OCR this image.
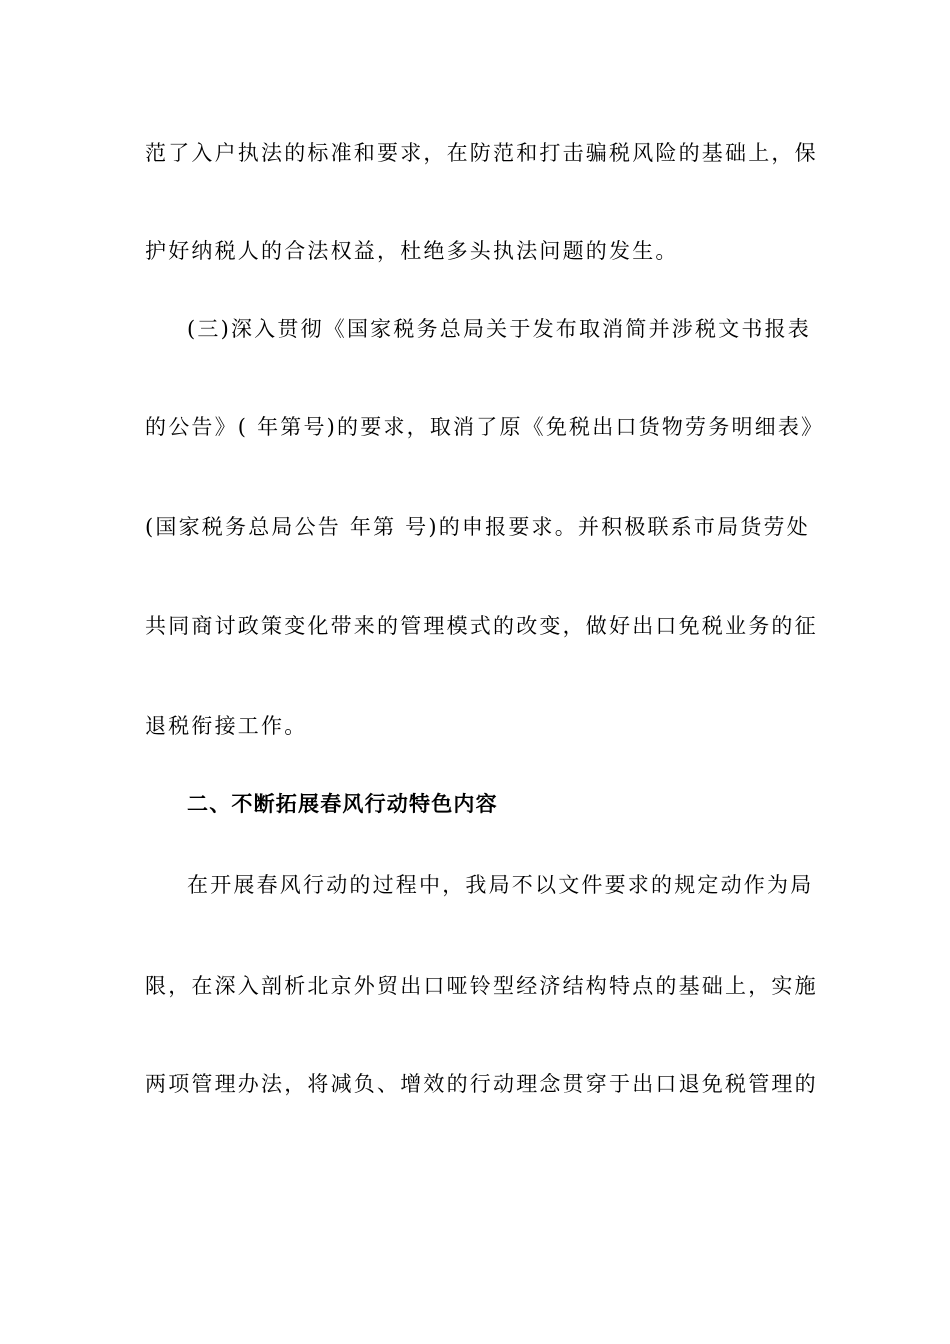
范了入户执法的标准和要求，在防范和打击骗税风险的基础上，保
护好纳税人的合法权益，杜绝多头执法问题的发生。
(三)深入贯彻《国家税务总局关于发布取消简并涉税文书报表
的公告》( 年第号)的要求，取消了原《免税出口货物劳务明细表》
(国家税务总局公告 年第 号)的申报要求。并积极联系市局货劳处
共同商讨政策变化带来的管理模式的改变，做好出口免税业务的征
退税衔接工作。
二、不断拓展春风行动特色内容
在开展春风行动的过程中，我局不以文件要求的规定动作为局
限，在深入剖析北京外贸出口哑铃型经济结构特点的基础上，实施
两项管理办法，将减负、增效的行动理念贯穿于出口退免税管理的
